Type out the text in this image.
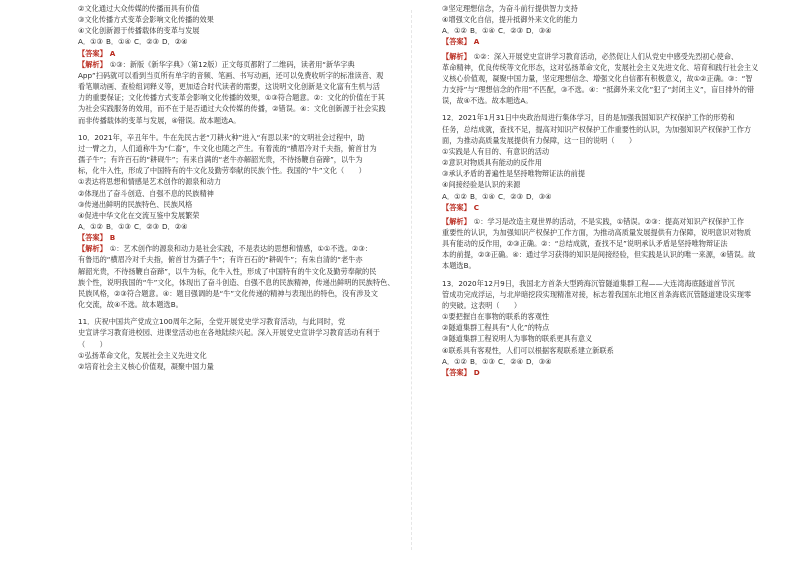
②文化通过大众传媒的传播而具有价值
③文化传播方式变革会影响文化传播的效果
④文化创新源于传播载体的变革与发展
A．①③ B．①④ C．②③ D．②④
【答案】 A
【解析】 ①③：新版《新华字典》（第12版）正文每页都附了二维码，读者用“新华字典
App”扫码就可以看到当页所有单字的音频、笔画、书写动画，还可以免费收听字的标准读音、观
看笔顺动画、查检组词释义等，更加适合时代读者的需要，这说明文化创新是文化富有生机与活
力的重要保证；文化传播方式变革会影响文化传播的效果，①③符合题意。②：文化的价值在于其
为社会实践服务的效用，而不在于是否通过大众传媒的传播，②错误。④：文化创新源于社会实践
而非传播载体的变革与发展，④错误。故本题选A。
10．2021年，辛丑年牛。牛在先民古老“刀耕火种”进入“有思以来”的文明社会过程中，助
过一臂之力，人们道称牛为“仁畜”，牛文化也随之产生。有着流的“横眉冷对千夫指，俯首甘为
孺子牛”；有许百石的“耕砚牛”；有来自满的“老牛亦解韶光贵，不待扬鞭自奋蹄”，以牛为
标，化牛入性，形成了中国特有的牛文化及勤劳奉献的民族个性。我国的“牛”文化（　　）
①表达将思想和情感是艺术创作的源泉和动力
②体现出了奋斗创造、自强不息的民族精神
③传递出鲜明的民族特色、民族风格
④促进中华文化在交流互鉴中发展繁荣
A．①② B．①③ C．②③ D．②④
【答案】 B
【解析】 ①：艺术创作的源泉和动力是社会实践，不是表达的思想和情感，①①不选。②③：
有鲁迅的“横眉冷对千夫指，俯首甘为孺子牛”；有许百石的“耕砚牛”；有朱自清的“老牛亦
解韶光贵，不待扬鞭自奋蹄”，以牛为标，化牛入性，形成了中国特有的牛文化及勤劳奉献的民
族个性，说明我国的“牛”文化，体现出了奋斗创造、自强不息的民族精神，传递出鲜明的民族特色、
民族风格，②③符合题意。④：题目强调的是“牛”文化传递的精神与表现出的特色，没有涉及文
化交流，故④不选。故本题选B。
11．庆祝中国共产党成立100周年之际，全党开展党史学习教育活动，与此同时，党
史宣讲学习教育进校园、进课堂活动也在各地陆续兴起。深入开展党史宣讲学习教育活动有利于
（　　）
①弘扬革命文化，发展社会主义先进文化
②培育社会主义核心价值观，凝聚中国力量
③坚定理想信念，为奋斗前行提供智力支持
④增强文化自信，提升抵御外来文化的能力
A．①② B．①④ C．②③ D．③④
【答案】 A
【解析】 ①②：深入开展党史宣讲学习教育活动，必然促让人们从党史中感受先烈初心使命、
革命精神，优良传统等文化形态，这对弘扬革命文化，发展社会主义先进文化、培育和践行社会主义
义核心价值观，凝聚中国力量，坚定理想信念、增强文化自信都有积极意义，故①②正确。③：“智
力支持”与“理想信念的作用”不匹配，③不选。④：“抵御外来文化”犯了“封闭主义”，盲目排外的错
误，故④不选。故本题选A。
12．2021年1月31日中央政治局进行集体学习，目的是加强我国知识产权保护工作的形势和
任务，总结成就，查找不足，提高对知识产权保护工作重要性的认识，为加强知识产权保护工作方
面，为推动高质量发展提供有力保障，这一目的说明（　　）
①实践是人有目的、有意识的活动
②意识对物质具有能动的反作用
③承认矛盾的普遍性是坚持唯物辩证法的前提
④间接经验是认识的来源
A．①② B．①④ C．②③ D．③④
【答案】 C
【解析】 ①：学习是改造主观世界的活动，不是实践，①错误。②③：提高对知识产权保护工作
重要性的认识，为加强知识产权保护工作方面，为推动高质量发展提供有力保障，说明意识对物质
具有能动的反作用，②③正确。②：“总结成就，查找不足”说明承认矛盾是坚持唯物辩证法
本的前提，②③正确。④：通过学习获得的知识是间接经验，但实践是认识的唯一来源，④错误。故
本题选B。
13．2020年12月9日，我国北方首条大型跨海沉管隧道集群工程——大连湾海底隧道首节沉
管成功完成浮运，与北岸暗挖段实现精准对接，标志着我国东北地区首条海底沉管隧道建设实现零
的突破。这表明（　　）
①要把握自在事物的联系的客观性
②隧道集群工程具有“人化”的特点
③隧道集群工程说明人为事物的联系更具有意义
④联系具有客观性，人们可以根据客观联系建立新联系
A．①② B．①③ C．②④ D．③④
【答案】 D
